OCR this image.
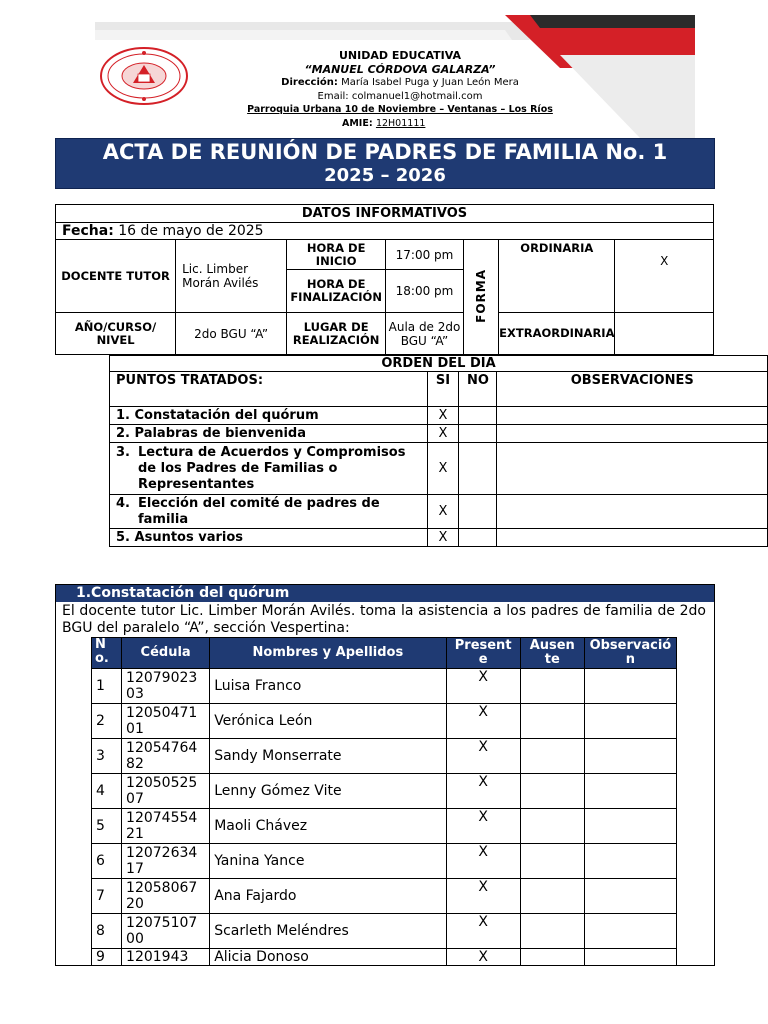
UNIDAD EDUCATIVA
“MANUEL CÓRDOVA GALARZA”
Dirección: María Isabel Puga y Juan León Mera
Email: colmanuel1@hotmail.com
Parroquia Urbana 10 de Noviembre – Ventanas – Los Ríos
AMIE: 12H01111
ACTA DE REUNIÓN DE PADRES DE FAMILIA No. 1
2025 – 2026
DATOS INFORMATIVOS						
Fecha: 16 de mayo de 2025						
DOCENTE TUTOR	Lic. Limber Morán Avilés	HORA DE INICIO	17:00 pm	FORMA	ORDINARIA	X
		HORA DE FINALIZACIÓN	18:00 pm			
AÑO/CURSO/ NIVEL	2do BGU “A”	LUGAR DE REALIZACIÓN	Aula de 2do BGU “A”		EXTRAORDINARIA	
ORDEN DEL DIA			
PUNTOS TRATADOS:	SI	NO	OBSERVACIONES
1. Constatación del quórum	X		
2. Palabras de bienvenida	X		

3. Lectura de Acuerdos y Compromisos de los Padres de Familias o Representantes	X		

4. Elección del comité de padres de familia	X		
5. Asuntos varios	X		
1.Constatación del quórum
El docente tutor Lic. Limber Morán Avilés. toma la asistencia a los padres de familia de 2do BGU del paralelo “A”, sección Vespertina:
No.	Cédula	Nombres y Apellidos	Presente	Ausente	Observación
1	1207902303	Luisa Franco	X		
2	1205047101	Verónica León	X		
3	1205476482	Sandy Monserrate	X		
4	1205052507	Lenny Gómez Vite	X		
5	1207455421	Maoli Chávez	X		
6	1207263417	Yanina Yance	X		
7	1205806720	Ana Fajardo	X		
8	1207510700	Scarleth Meléndres	X		
9	1201943	Alicia Donoso	X		
